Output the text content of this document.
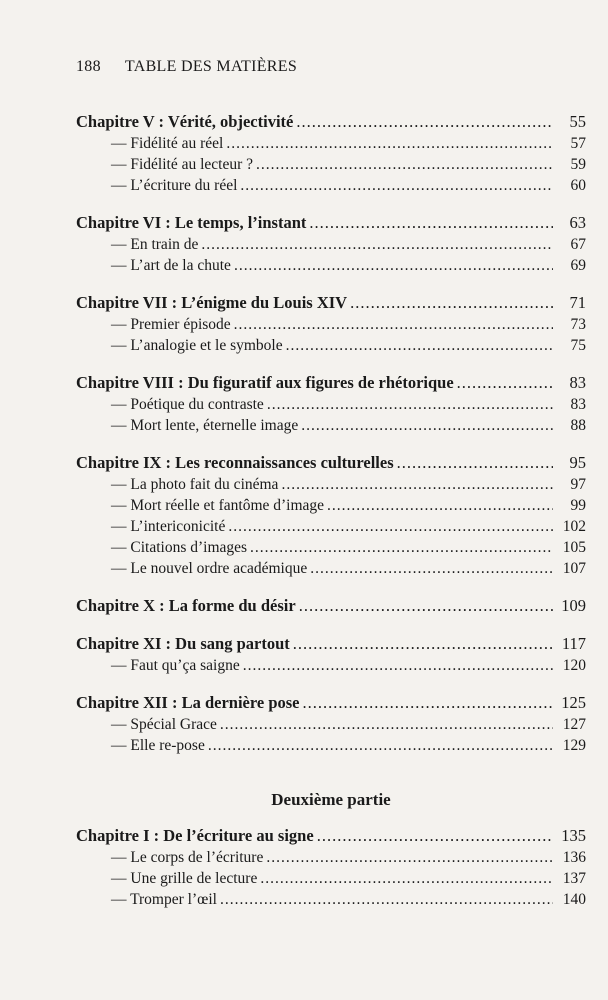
188 TABLE DES MATIÈRES
Chapitre V : Vérité, objectivité .....	55
— Fidélité au réel .....	57
— Fidélité au lecteur ? .....	59
— L’écriture du réel .....	60
Chapitre VI : Le temps, l’instant .....	63
— En train de .....	67
— L’art de la chute .....	69
Chapitre VII : L’énigme du Louis XIV .....	71
— Premier épisode .....	73
— L’analogie et le symbole .....	75
Chapitre VIII : Du figuratif aux figures de rhétorique .....	83
— Poétique du contraste .....	83
— Mort lente, éternelle image .....	88
Chapitre IX : Les reconnaissances culturelles .....	95
— La photo fait du cinéma .....	97
— Mort réelle et fantôme d’image .....	99
— L’intericonicité .....	102
— Citations d’images .....	105
— Le nouvel ordre académique .....	107
Chapitre X : La forme du désir .....	109
Chapitre XI : Du sang partout .....	117
— Faut qu’ça saigne .....	120
Chapitre XII : La dernière pose .....	125
— Spécial Grace .....	127
— Elle re-pose .....	129
Deuxième partie
Chapitre I : De l’écriture au signe .....	135
— Le corps de l’écriture .....	136
— Une grille de lecture .....	137
— Tromper l’œil .....	140
